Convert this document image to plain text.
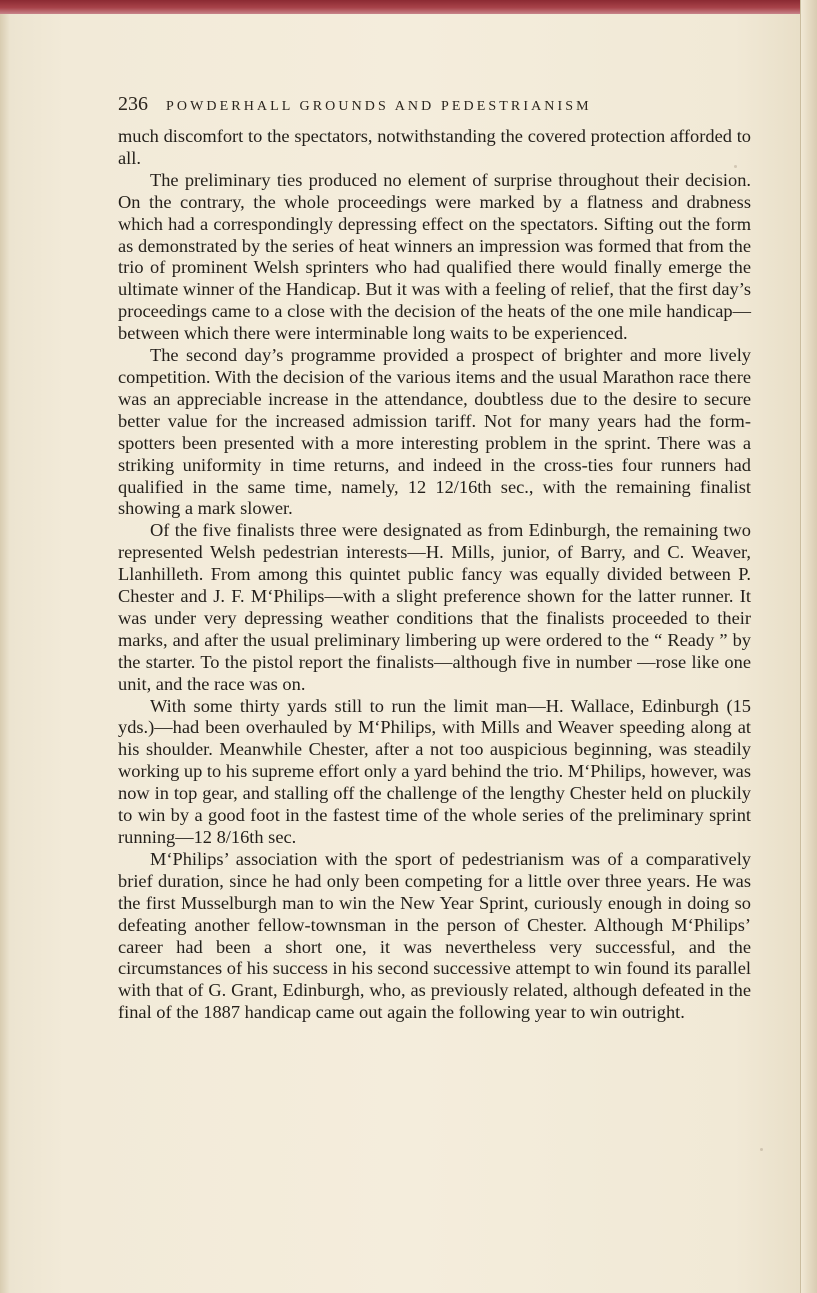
236 POWDERHALL GROUNDS AND PEDESTRIANISM

much discomfort to the spectators, notwithstanding the covered protection afforded to all.

The preliminary ties produced no element of surprise throughout their decision. On the contrary, the whole proceedings were marked by a flatness and drabness which had a correspondingly depressing effect on the spectators. Sifting out the form as demonstrated by the series of heat winners an impression was formed that from the trio of prominent Welsh sprinters who had qualified there would finally emerge the ultimate winner of the Handicap. But it was with a feeling of relief, that the first day’s proceedings came to a close with the decision of the heats of the one mile handicap—between which there were interminable long waits to be experienced.

The second day’s programme provided a prospect of brighter and more lively competition. With the decision of the various items and the usual Marathon race there was an appreciable increase in the attendance, doubtless due to the desire to secure better value for the increased admission tariff. Not for many years had the form-spotters been presented with a more interesting problem in the sprint. There was a striking uniformity in time returns, and indeed in the cross-ties four runners had qualified in the same time, namely, 12 12/16th sec., with the remaining finalist showing a mark slower.

Of the five finalists three were designated as from Edinburgh, the remaining two represented Welsh pedestrian interests—H. Mills, junior, of Barry, and C. Weaver, Llanhilleth. From among this quintet public fancy was equally divided between P. Chester and J. F. M‘Philips—with a slight preference shown for the latter runner. It was under very depressing weather conditions that the finalists proceeded to their marks, and after the usual preliminary limbering up were ordered to the “ Ready ” by the starter. To the pistol report the finalists—although five in number —rose like one unit, and the race was on.

With some thirty yards still to run the limit man—H. Wallace, Edinburgh (15 yds.)—had been overhauled by M‘Philips, with Mills and Weaver speeding along at his shoulder. Meanwhile Chester, after a not too auspicious beginning, was steadily working up to his supreme effort only a yard behind the trio. M‘Philips, however, was now in top gear, and stalling off the challenge of the lengthy Chester held on pluckily to win by a good foot in the fastest time of the whole series of the preliminary sprint running—12 8/16th sec.

M‘Philips’ association with the sport of pedestrianism was of a comparatively brief duration, since he had only been competing for a little over three years. He was the first Musselburgh man to win the New Year Sprint, curiously enough in doing so defeating another fellow-townsman in the person of Chester. Although M‘Philips’ career had been a short one, it was nevertheless very successful, and the circumstances of his success in his second successive attempt to win found its parallel with that of G. Grant, Edinburgh, who, as previously related, although defeated in the final of the 1887 handicap came out again the following year to win outright.
